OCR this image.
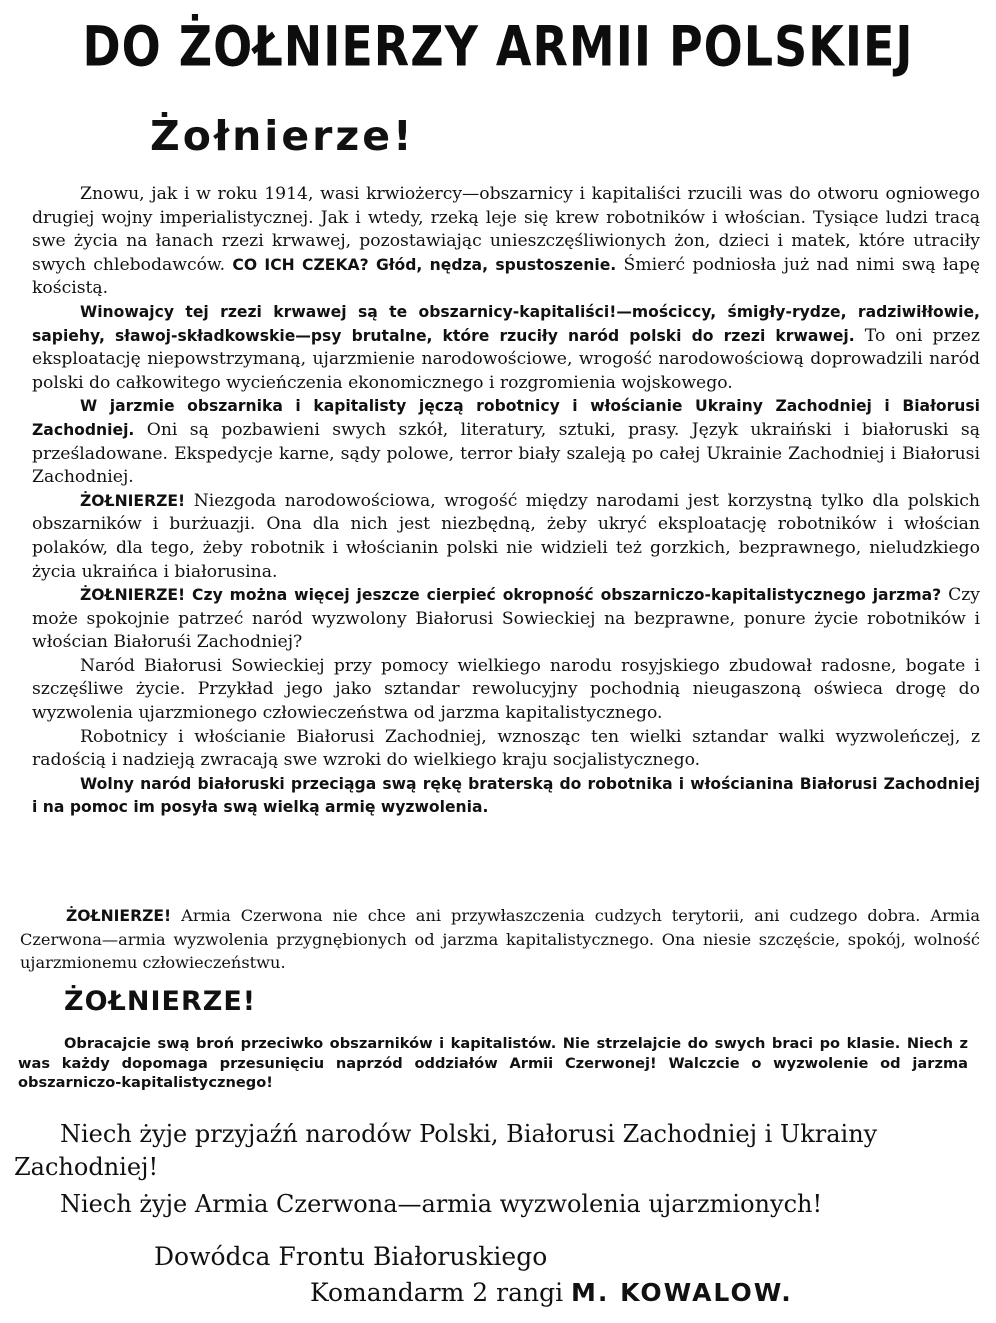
DO ŻOŁNIERZY ARMII POLSKIEJ
Żołnierze!

Znowu, jak i w roku 1914, wasi krwiożercy—obszarnicy i kapitaliści rzucili was do otworu ogniowego drugiej wojny imperialistycznej. Jak i wtedy, rzeką leje się krew robotników i włościan. Tysiące ludzi tracą swe życia na łanach rzezi krwawej, pozostawiając unieszczęśliwionych żon, dzieci i matek, które utraciły swych chlebodawców. CO ICH CZEKA? Głód, nędza, spustoszenie. Śmierć podniosła już nad nimi swą łapę kościstą.

Winowajcy tej rzezi krwawej są te obszarnicy-kapitaliści!—mościccy, śmigły-rydze, radziwiłłowie, sapiehy, sławoj-składkowskie—psy brutalne, które rzuciły naród polski do rzezi krwawej. To oni przez eksploatację niepowstrzymaną, ujarzmienie narodowościowe, wrogość narodowościową doprowadzili naród polski do całkowitego wycieńczenia ekonomicznego i rozgromienia wojskowego.

W jarzmie obszarnika i kapitalisty jęczą robotnicy i włościanie Ukrainy Zachodniej i Białorusi Zachodniej. Oni są pozbawieni swych szkół, literatury, sztuki, prasy. Język ukraiński i białoruski są prześladowane. Ekspedycje karne, sądy polowe, terror biały szaleją po całej Ukrainie Zachodniej i Białorusi Zachodniej.

ŻOŁNIERZE! Niezgoda narodowościowa, wrogość między narodami jest korzystną tylko dla polskich obszarników i burżuazji. Ona dla nich jest niezbędną, żeby ukryć eksploatację robotników i włościan polaków, dla tego, żeby robotnik i włościanin polski nie widzieli też gorzkich, bezprawnego, nieludzkiego życia ukraińca i białorusina.

ŻOŁNIERZE! Czy można więcej jeszcze cierpieć okropność obszarniczo-kapitalistycznego jarzma? Czy może spokojnie patrzeć naród wyzwolony Białorusi Sowieckiej na bezprawne, ponure życie robotników i włościan Białoruśi Zachodniej?

Naród Białorusi Sowieckiej przy pomocy wielkiego narodu rosyjskiego zbudował radosne, bogate i szczęśliwe życie. Przykład jego jako sztandar rewolucyjny pochodnią nieugaszoną oświeca drogę do wyzwolenia ujarzmionego człowieczeństwa od jarzma kapitalistycznego.

Robotnicy i włościanie Białorusi Zachodniej, wznosząc ten wielki sztandar walki wyzwoleńczej, z radością i nadzieją zwracają swe wzroki do wielkiego kraju socjalistycznego.

Wolny naród białoruski przeciąga swą rękę braterską do robotnika i włościanina Białorusi Zachodniej i na pomoc im posyła swą wielką armię wyzwolenia.

ŻOŁNIERZE! Armia Czerwona nie chce ani przywłaszczenia cudzych terytorii, ani cudzego dobra. Armia Czerwona—armia wyzwolenia przygnębionych od jarzma kapitalistycznego. Ona niesie szczęście, spokój, wolność ujarzmionemu człowieczeństwu.

ŻOŁNIERZE!

Obracajcie swą broń przeciwko obszarników i kapitalistów. Nie strzelajcie do swych braci po klasie. Niech z was każdy dopomaga przesunięciu naprzód oddziałów Armii Czerwonej! Walczcie o wyzwolenie od jarzma obszarniczo-kapitalistycznego!

Niech żyje przyjaźń narodów Polski, Białorusi Zachodniej i Ukrainy Zachodniej!

Niech żyje Armia Czerwona—armia wyzwolenia ujarzmionych!

Dowódca Frontu Białoruskiego

Komandarm 2 rangi M. KOWALOW.
